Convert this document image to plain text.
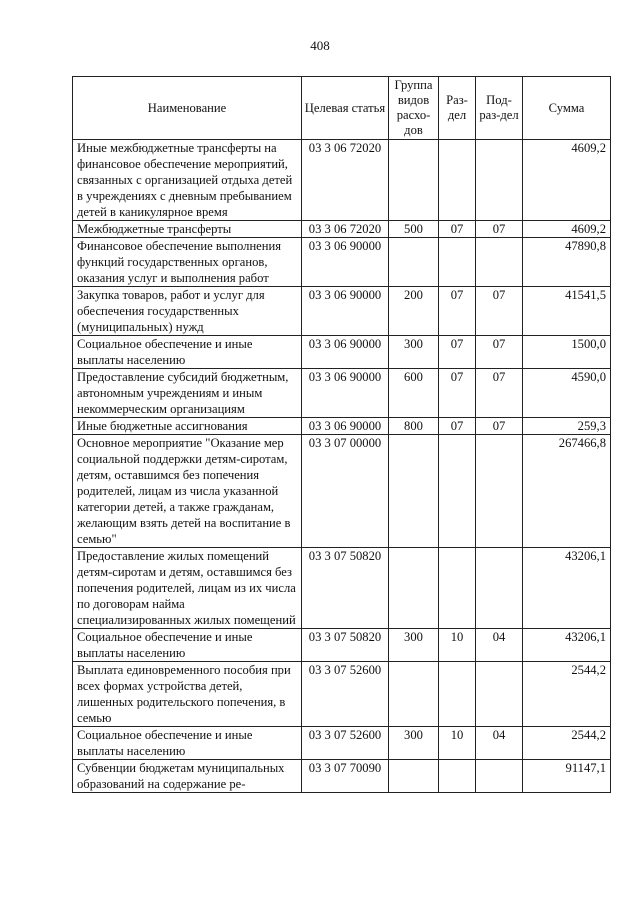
408
Наименование	Целевая статья	Группа видов расхо-дов	Раз-дел	Под-раз-дел	Сумма
Иные межбюджетные трансферты на финансовое обеспечение мероприятий, связанных с организацией отдыха детей в учреждениях с дневным пребыванием детей в каникулярное время	03 3 06 72020				4609,2
Межбюджетные трансферты	03 3 06 72020	500	07	07	4609,2
Финансовое обеспечение выполнения функций государственных органов, оказания услуг и выполнения работ	03 3 06 90000				47890,8
Закупка товаров, работ и услуг для обеспечения государственных (муниципальных) нужд	03 3 06 90000	200	07	07	41541,5
Социальное обеспечение и иные выплаты населению	03 3 06 90000	300	07	07	1500,0
Предоставление субсидий бюджетным, автономным учреждениям и иным некоммерческим организациям	03 3 06 90000	600	07	07	4590,0
Иные бюджетные ассигнования	03 3 06 90000	800	07	07	259,3
Основное мероприятие "Оказание мер социальной поддержки детям-сиротам, детям, оставшимся без попечения родителей, лицам из числа указанной категории детей, а также гражданам, желающим взять детей на воспитание в семью"	03 3 07 00000				267466,8
Предоставление жилых помещений детям-сиротам и детям, оставшимся без попечения родителей, лицам из их числа по договорам найма специализированных жилых помещений	03 3 07 50820				43206,1
Социальное обеспечение и иные выплаты населению	03 3 07 50820	300	10	04	43206,1
Выплата единовременного пособия при всех формах устройства детей, лишенных родительского попечения, в семью	03 3 07 52600				2544,2
Социальное обеспечение и иные выплаты населению	03 3 07 52600	300	10	04	2544,2
Субвенции бюджетам муниципальных образований на содержание ре-	03 3 07 70090				91147,1
